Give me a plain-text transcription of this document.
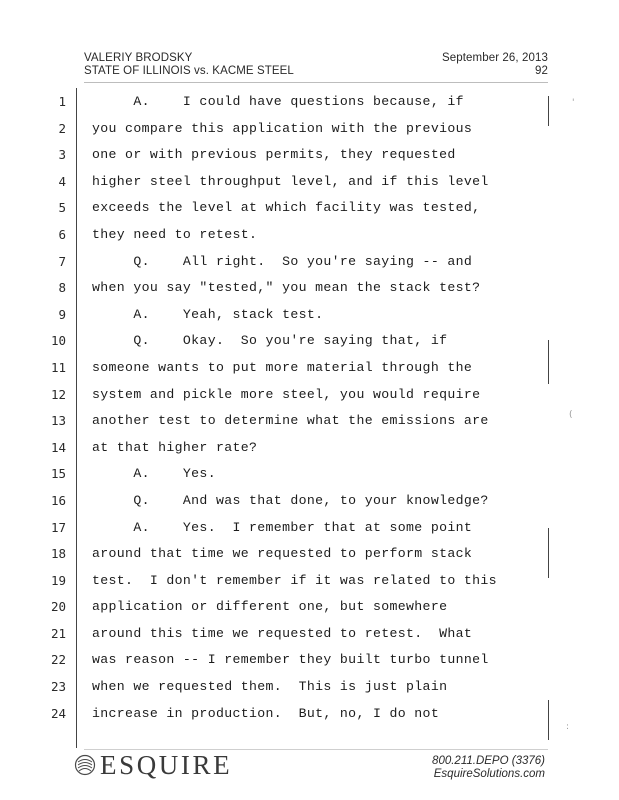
VALERIY BRODSKY	September 26, 2013
STATE OF ILLINOIS vs. KACME STEEL	92
1 A.    I could have questions because, if
2 you compare this application with the previous
3 one or with previous permits, they requested
4 higher steel throughput level, and if this level
5 exceeds the level at which facility was tested,
6 they need to retest.
7 Q.    All right.  So you're saying -- and
8 when you say "tested," you mean the stack test?
9 A.    Yeah, stack test.
10 Q.    Okay.  So you're saying that, if
11 someone wants to put more material through the
12 system and pickle more steel, you would require
13 another test to determine what the emissions are
14 at that higher rate?
15 A.    Yes.
16 Q.    And was that done, to your knowledge?
17 A.    Yes.  I remember that at some point
18 around that time we requested to perform stack
19 test.  I don't remember if it was related to this
20 application or different one, but somewhere
21 around this time we requested to retest.  What
22 was reason -- I remember they built turbo tunnel
23 when we requested them.  This is just plain
24 increase in production.  But, no, I do not
ESQUIRE	800.211.DEPO (3376)
EsquireSolutions.com
'
(
:
